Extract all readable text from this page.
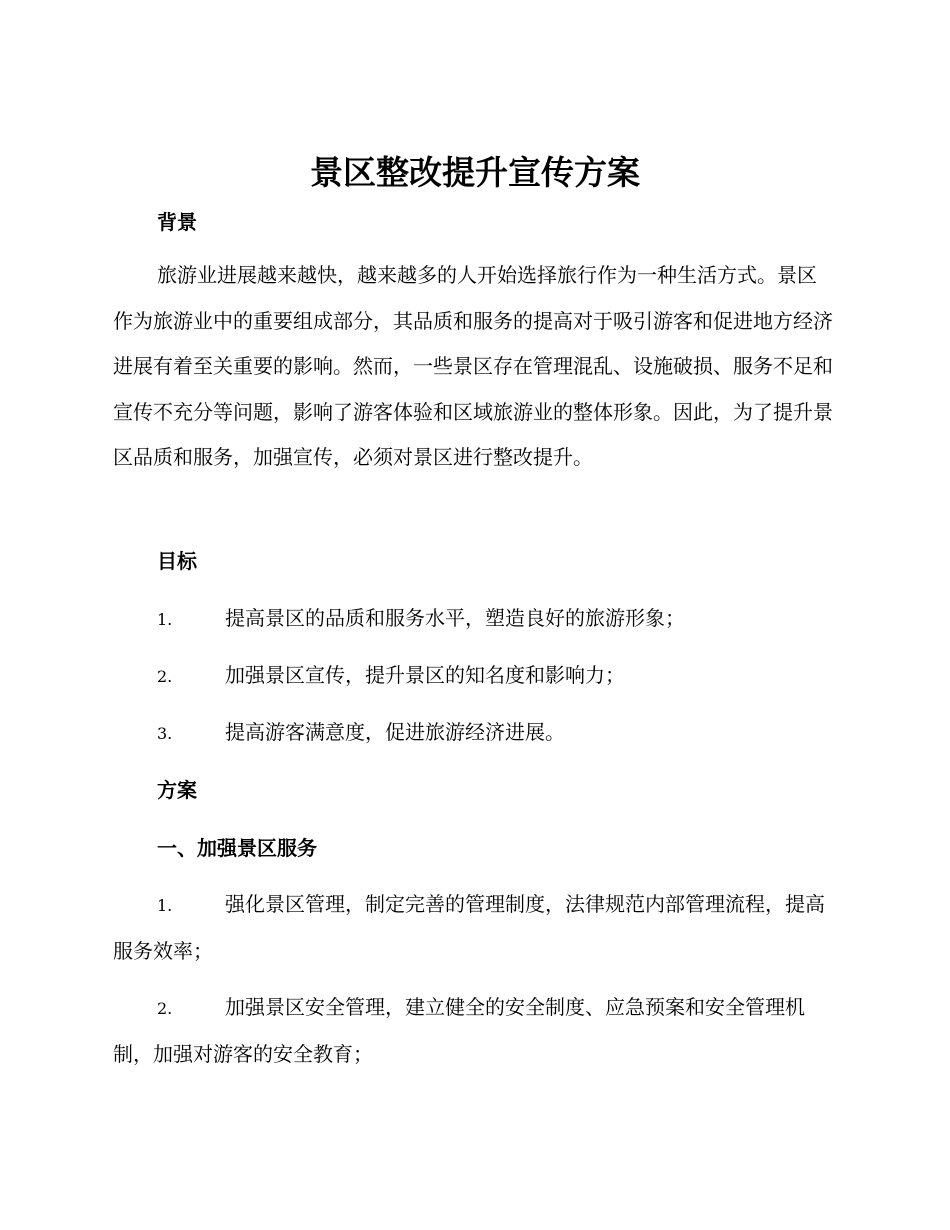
景区整改提升宣传方案
背景

旅游业进展越来越快，越来越多的人开始选择旅行作为一种生活方式。景区作为旅游业中的重要组成部分，其品质和服务的提高对于吸引游客和促进地方经济进展有着至关重要的影响。然而，一些景区存在管理混乱、设施破损、服务不足和宣传不充分等问题，影响了游客体验和区域旅游业的整体形象。因此，为了提升景区品质和服务，加强宣传，必须对景区进行整改提升。

目标

1.	提高景区的品质和服务水平，塑造良好的旅游形象；

2.	加强景区宣传，提升景区的知名度和影响力；

3.	提高游客满意度，促进旅游经济进展。

方案
一、加强景区服务

1.	强化景区管理，制定完善的管理制度，法律规范内部管理流程，提高服务效率；

2.	加强景区安全管理，建立健全的安全制度、应急预案和安全管理机制，加强对游客的安全教育；
